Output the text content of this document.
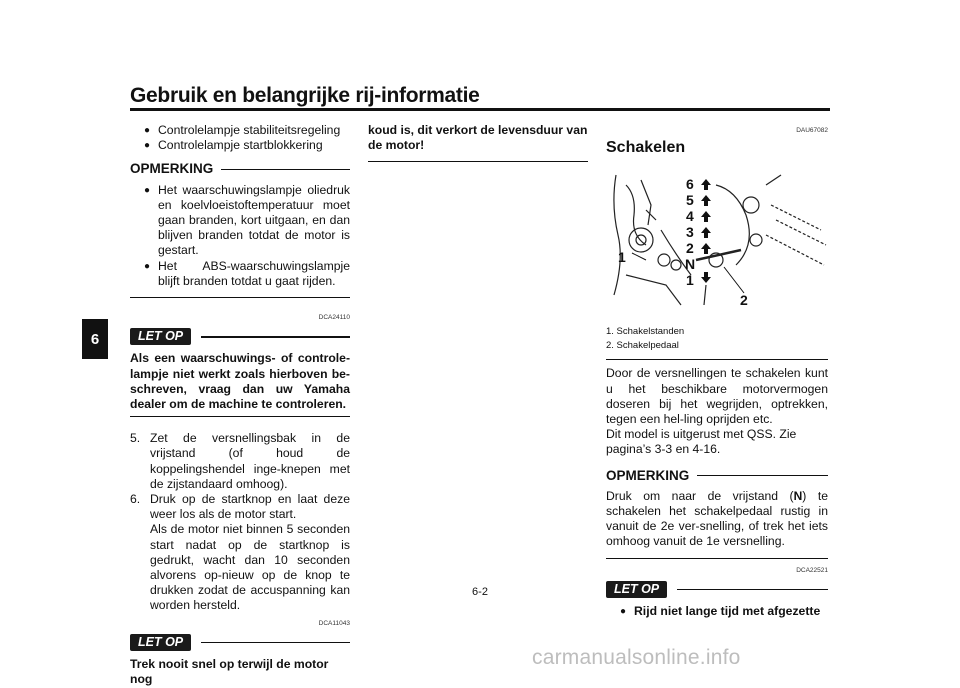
Gebruik en belangrijke rij-informatie
6
● Controlelampje stabiliteitsregeling
● Controlelampje startblokkering
OPMERKING
● Het waarschuwingslampje oliedruk en koelvloeistoftemperatuur moet gaan branden, kort uitgaan, en dan blijven branden totdat de motor is gestart.
● Het ABS-waarschuwingslampje blijft branden totdat u gaat rijden.
DCA24110
LET OP
Als een waarschuwings- of controle-lampje niet werkt zoals hierboven be-schreven, vraag dan uw Yamaha dealer om de machine te controleren.
5. Zet de versnellingsbak in de vrijstand (of houd de koppelingshendel inge-knepen met de zijstandaard omhoog).
6. Druk op de startknop en laat deze weer los als de motor start.
Als de motor niet binnen 5 seconden start nadat op de startknop is gedrukt, wacht dan 10 seconden alvorens op-nieuw op de knop te drukken zodat de accuspanning kan worden hersteld.
DCA11043
LET OP
Trek nooit snel op terwijl de motor nog
koud is, dit verkort de levensduur van de motor!
DAU67082
Schakelen
6
5
4
3
2
N
1
1
2
1. Schakelstanden
2. Schakelpedaal
Door de versnellingen te schakelen kunt u het beschikbare motorvermogen doseren bij het wegrijden, optrekken, tegen een hel-ling oprijden etc.
Dit model is uitgerust met QSS. Zie pagina’s 3-3 en 4-16.
OPMERKING
Druk om naar de vrijstand (N) te schakelen het schakelpedaal rustig in vanuit de 2e ver-snelling, of trek het iets omhoog vanuit de 1e versnelling.
DCA22521
LET OP
● Rijd niet lange tijd met afgezette
6-2
carmanualsonline.info
